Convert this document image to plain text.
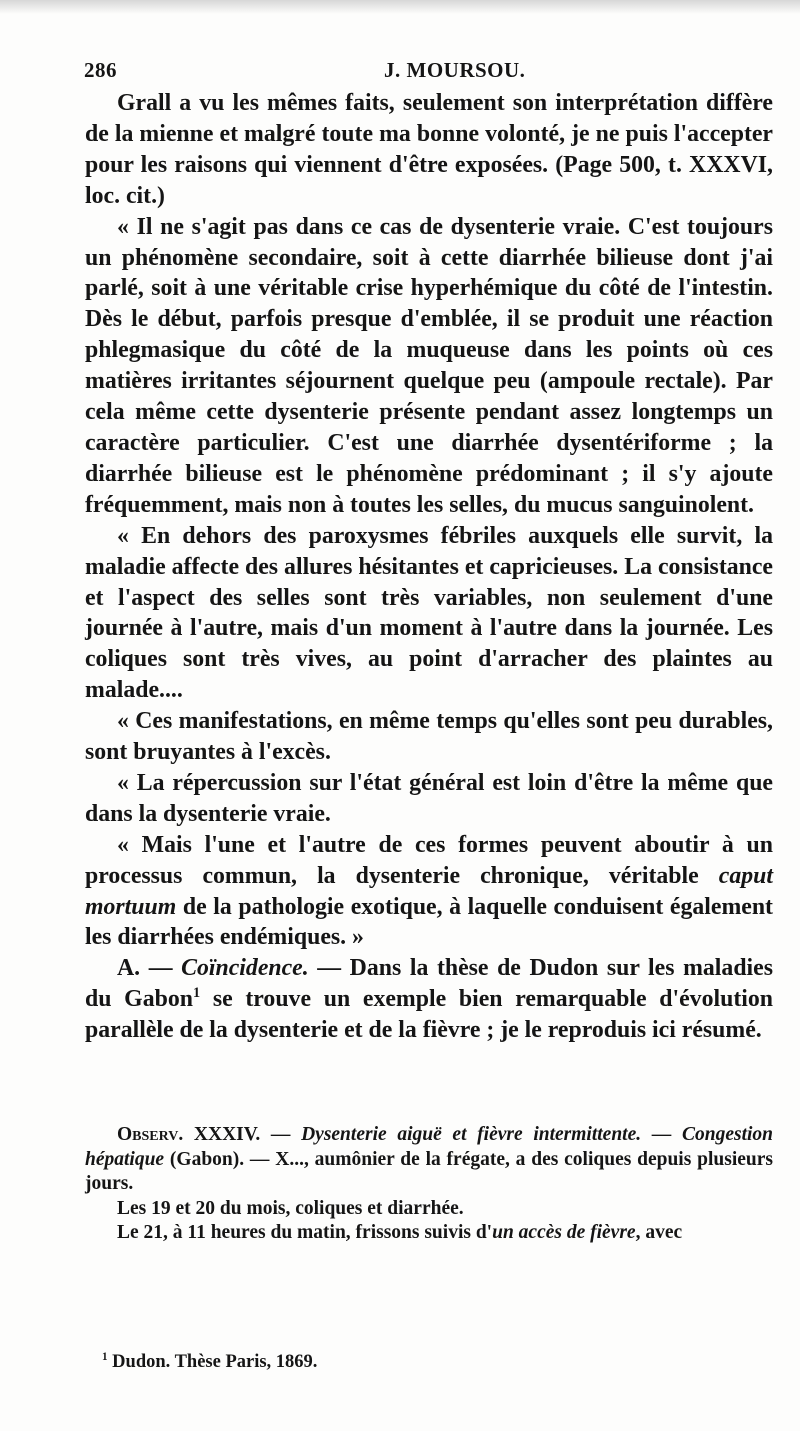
286	J. MOURSOU.

Grall a vu les mêmes faits, seulement son interprétation diffère de la mienne et malgré toute ma bonne volonté, je ne puis l'accepter pour les raisons qui viennent d'être exposées. (Page 500, t. XXXVI, loc. cit.)

« Il ne s'agit pas dans ce cas de dysenterie vraie. C'est toujours un phénomène secondaire, soit à cette diarrhée bilieuse dont j'ai parlé, soit à une véritable crise hyperhémique du côté de l'intestin. Dès le début, parfois presque d'emblée, il se produit une réaction phlegmasique du côté de la muqueuse dans les points où ces matières irritantes séjournent quelque peu (ampoule rectale). Par cela même cette dysenterie présente pendant assez longtemps un caractère particulier. C'est une diarrhée dysentériforme ; la diarrhée bilieuse est le phénomène prédominant ; il s'y ajoute fréquemment, mais non à toutes les selles, du mucus sanguinolent.

« En dehors des paroxysmes fébriles auxquels elle survit, la maladie affecte des allures hésitantes et capricieuses. La consistance et l'aspect des selles sont très variables, non seulement d'une journée à l'autre, mais d'un moment à l'autre dans la journée. Les coliques sont très vives, au point d'arracher des plaintes au malade....

« Ces manifestations, en même temps qu'elles sont peu durables, sont bruyantes à l'excès.

« La répercussion sur l'état général est loin d'être la même que dans la dysenterie vraie.

« Mais l'une et l'autre de ces formes peuvent aboutir à un processus commun, la dysenterie chronique, véritable caput mortuum de la pathologie exotique, à laquelle conduisent également les diarrhées endémiques. »

A. — Coïncidence. — Dans la thèse de Dudon sur les maladies du Gabon$^1$ se trouve un exemple bien remarquable d'évolution parallèle de la dysenterie et de la fièvre ; je le reproduis ici résumé.

Observ. XXXIV. — Dysenterie aiguë et fièvre intermittente. — Congestion hépatique (Gabon). — X..., aumônier de la frégate, a des coliques depuis plusieurs jours.

Les 19 et 20 du mois, coliques et diarrhée.

Le 21, à 11 heures du matin, frissons suivis d'un accès de fièvre, avec

$^1$ Dudon. Thèse Paris, 1869.
